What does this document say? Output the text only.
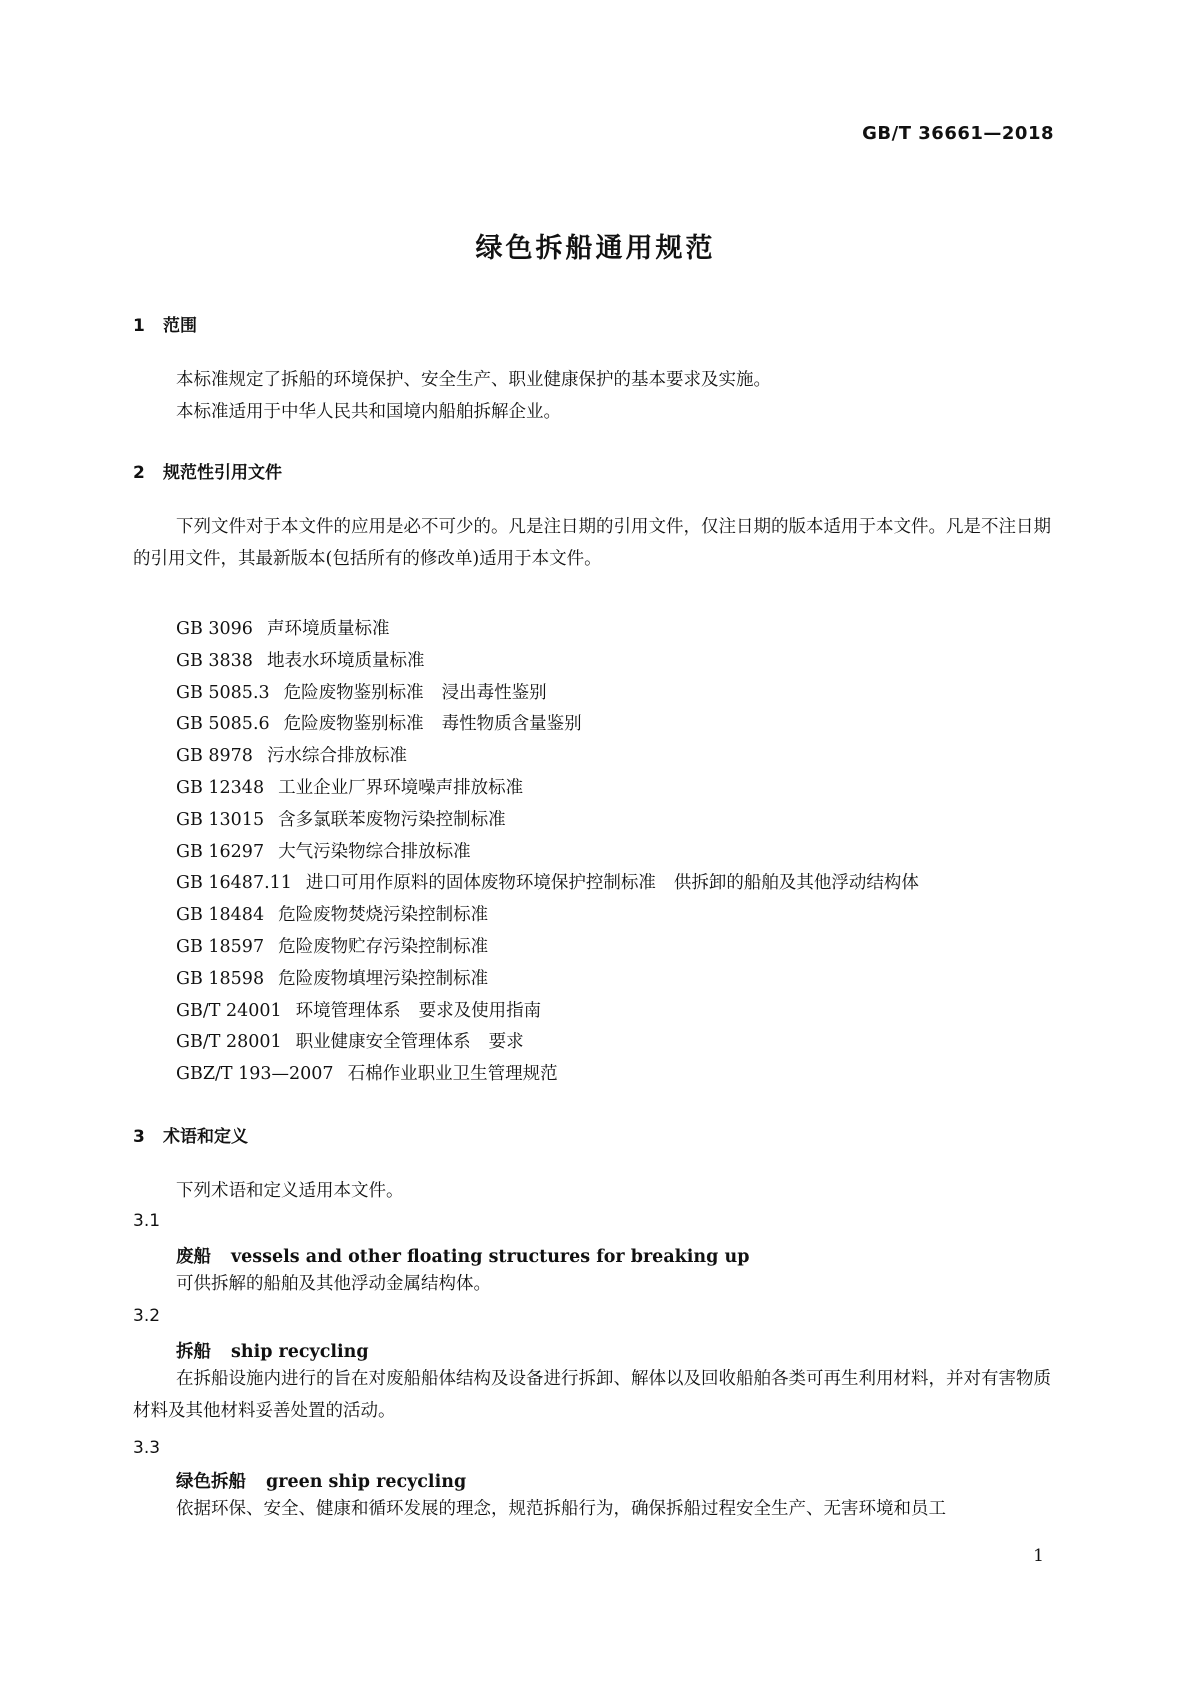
GB/T 36661—2018
绿色拆船通用规范
1 范围
本标准规定了拆船的环境保护、安全生产、职业健康保护的基本要求及实施。
本标准适用于中华人民共和国境内船舶拆解企业。
2 规范性引用文件
下列文件对于本文件的应用是必不可少的。凡是注日期的引用文件，仅注日期的版本适用于本文件。凡是不注日期的引用文件，其最新版本(包括所有的修改单)适用于本文件。
GB 3096 声环境质量标准
GB 3838 地表水环境质量标准
GB 5085.3 危险废物鉴别标准 浸出毒性鉴别
GB 5085.6 危险废物鉴别标准 毒性物质含量鉴别
GB 8978 污水综合排放标准
GB 12348 工业企业厂界环境噪声排放标准
GB 13015 含多氯联苯废物污染控制标准
GB 16297 大气污染物综合排放标准
GB 16487.11 进口可用作原料的固体废物环境保护控制标准 供拆卸的船舶及其他浮动结构体
GB 18484 危险废物焚烧污染控制标准
GB 18597 危险废物贮存污染控制标准
GB 18598 危险废物填埋污染控制标准
GB/T 24001 环境管理体系 要求及使用指南
GB/T 28001 职业健康安全管理体系 要求
GBZ/T 193—2007 石棉作业职业卫生管理规范
3 术语和定义
下列术语和定义适用本文件。
3.1
废船 vessels and other floating structures for breaking up
可供拆解的船舶及其他浮动金属结构体。
3.2
拆船 ship recycling
在拆船设施内进行的旨在对废船船体结构及设备进行拆卸、解体以及回收船舶各类可再生利用材料，并对有害物质材料及其他材料妥善处置的活动。
3.3
绿色拆船 green ship recycling
依据环保、安全、健康和循环发展的理念，规范拆船行为，确保拆船过程安全生产、无害环境和员工
1
